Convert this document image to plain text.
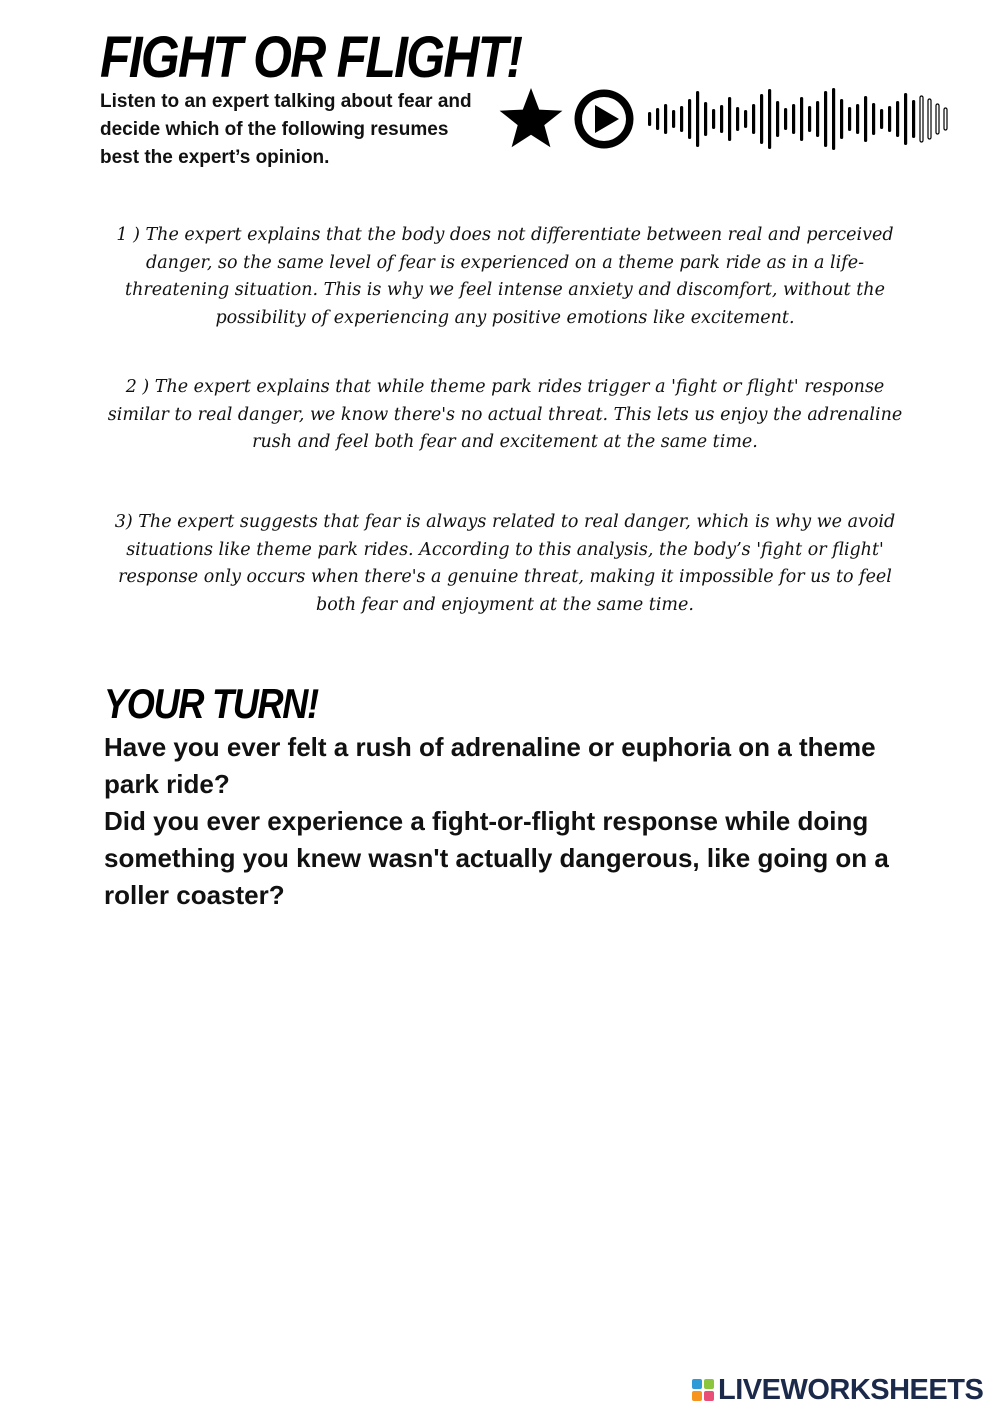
FIGHT OR FLIGHT!

Listen to an expert talking about fear and decide which of the following resumes best the expert’s opinion.

1 ) The expert explains that the body does not differentiate between real and perceived danger, so the same level of fear is experienced on a theme park ride as in a life-threatening situation. This is why we feel intense anxiety and discomfort, without the possibility of experiencing any positive emotions like excitement.

2 ) The expert explains that while theme park rides trigger a 'fight or flight' response similar to real danger, we know there's no actual threat. This lets us enjoy the adrenaline rush and feel both fear and excitement at the same time.

3) The expert suggests that fear is always related to real danger, which is why we avoid situations like theme park rides. According to this analysis, the body’s 'fight or flight' response only occurs when there's a genuine threat, making it impossible for us to feel both fear and enjoyment at the same time.

YOUR TURN!

Have you ever felt a rush of adrenaline or euphoria on a theme park ride?

Did you ever experience a fight-or-flight response while doing something you knew wasn't actually dangerous, like going on a roller coaster?

LIVEWORKSHEETS
